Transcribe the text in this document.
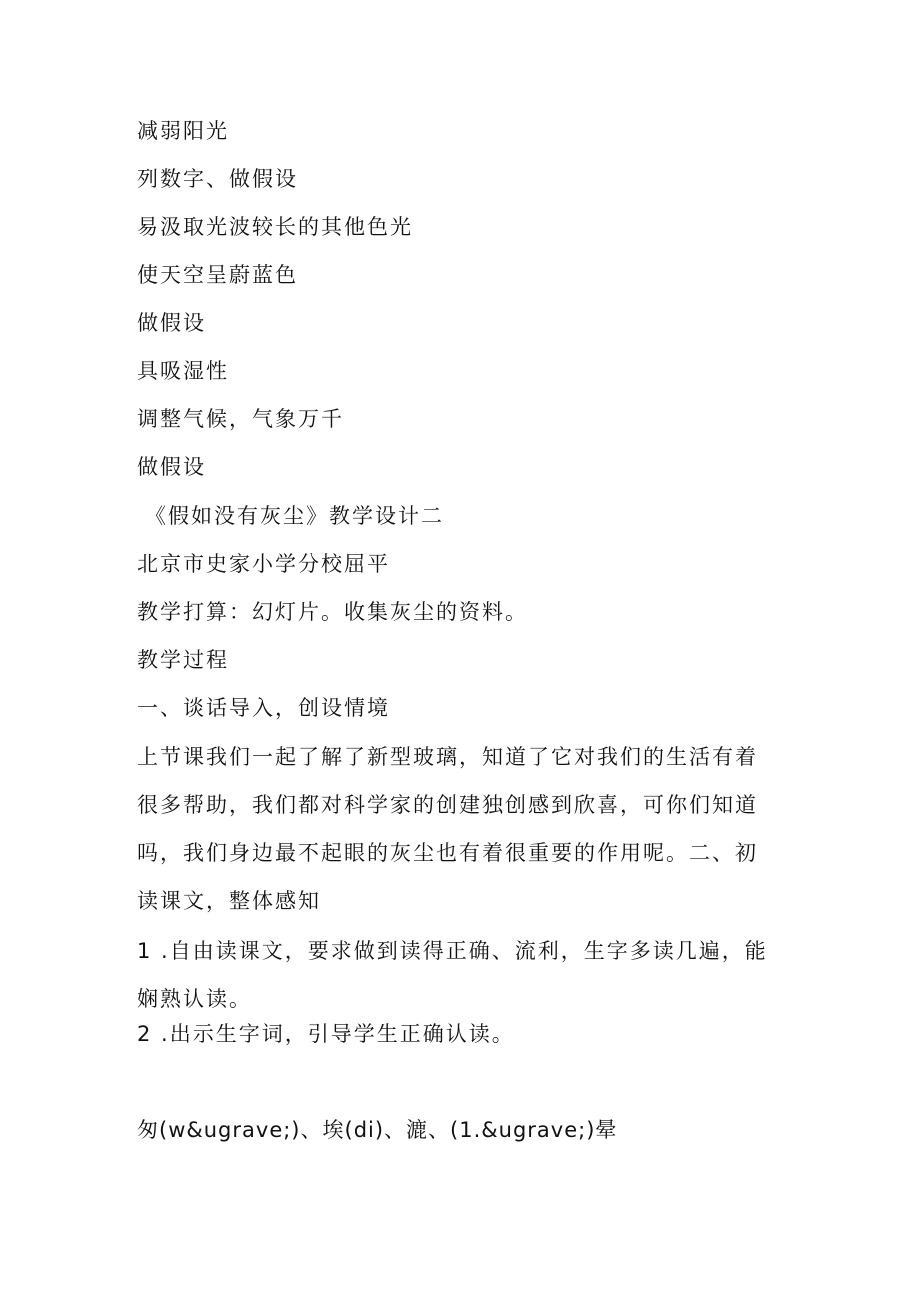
减弱阳光
列数字、做假设
易汲取光波较长的其他色光
使天空呈蔚蓝色
做假设
具吸湿性
调整气候，气象万千
做假设
《假如没有灰尘》教学设计二
北京市史家小学分校屈平
教学打算：幻灯片。收集灰尘的资料。
教学过程
一、谈话导入，创设情境
上节课我们一起了解了新型玻璃，知道了它对我们的生活有着很多帮助，我们都对科学家的创建独创感到欣喜，可你们知道吗，我们身边最不起眼的灰尘也有着很重要的作用呢。二、初读课文，整体感知
1 .自由读课文，要求做到读得正确、流利，生字多读几遍，能娴熟认读。
2 .出示生字词，引导学生正确认读。
匆(w&ugrave;)、埃(di)、漉、(1.&ugrave;)晕
